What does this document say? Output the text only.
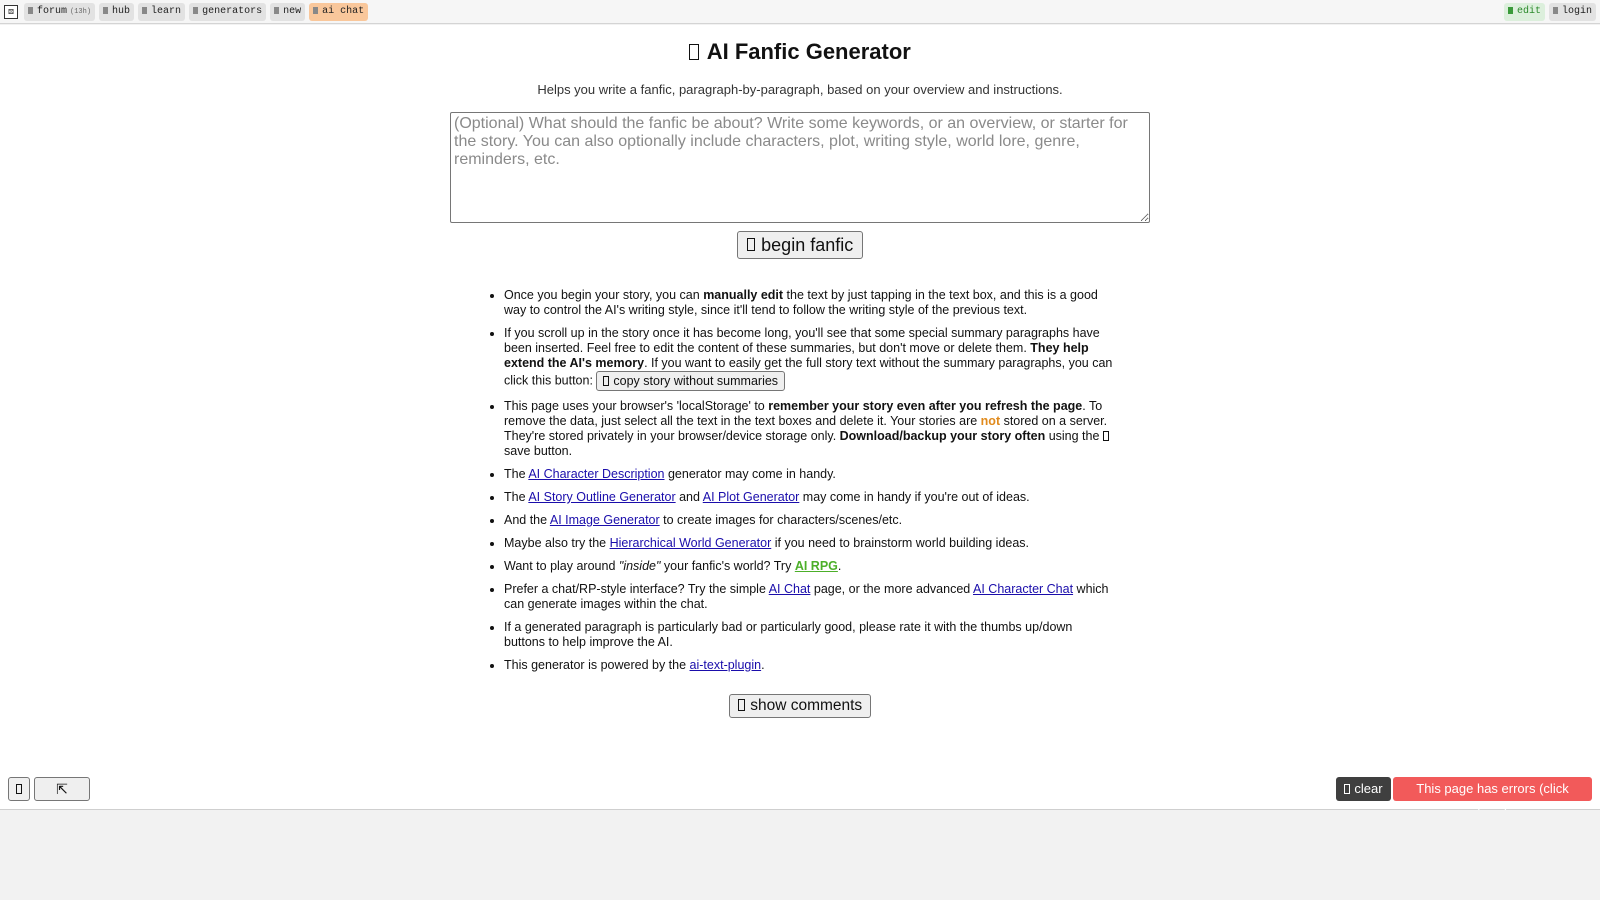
⚄	forum (13h)	hub	learn	generators	new	ai chat	edit	login
AI Fanfic Generator
Helps you write a fanfic, paragraph-by-paragraph, based on your overview and instructions.
(Optional) What should the fanfic be about? Write some keywords, or an overview, or starter for the story. You can also optionally include characters, plot, writing style, world lore, genre, reminders, etc.
begin fanfic
• Once you begin your story, you can manually edit the text by just tapping in the text box, and this is a good way to control the AI's writing style, since it'll tend to follow the writing style of the previous text.
• If you scroll up in the story once it has become long, you'll see that some special summary paragraphs have been inserted. Feel free to edit the content of these summaries, but don't move or delete them. They help extend the AI's memory. If you want to easily get the full story text without the summary paragraphs, you can click this button: copy story without summaries
• This page uses your browser's 'localStorage' to remember your story even after you refresh the page. To remove the data, just select all the text in the text boxes and delete it. Your stories are not stored on a server. They're stored privately in your browser/device storage only. Download/backup your story often using the  save button.
• The AI Character Description generator may come in handy.
• The AI Story Outline Generator and AI Plot Generator may come in handy if you're out of ideas.
• And the AI Image Generator to create images for characters/scenes/etc.
• Maybe also try the Hierarchical World Generator if you need to brainstorm world building ideas.
• Want to play around "inside" your fanfic's world? Try AI RPG.
• Prefer a chat/RP-style interface? Try the simple AI Chat page, or the more advanced AI Character Chat which can generate images within the chat.
• If a generated paragraph is particularly bad or particularly good, please rate it with the thumbs up/down buttons to help improve the AI.
• This generator is powered by the ai-text-plugin.
show comments
⇱	clear	This page has errors (click
